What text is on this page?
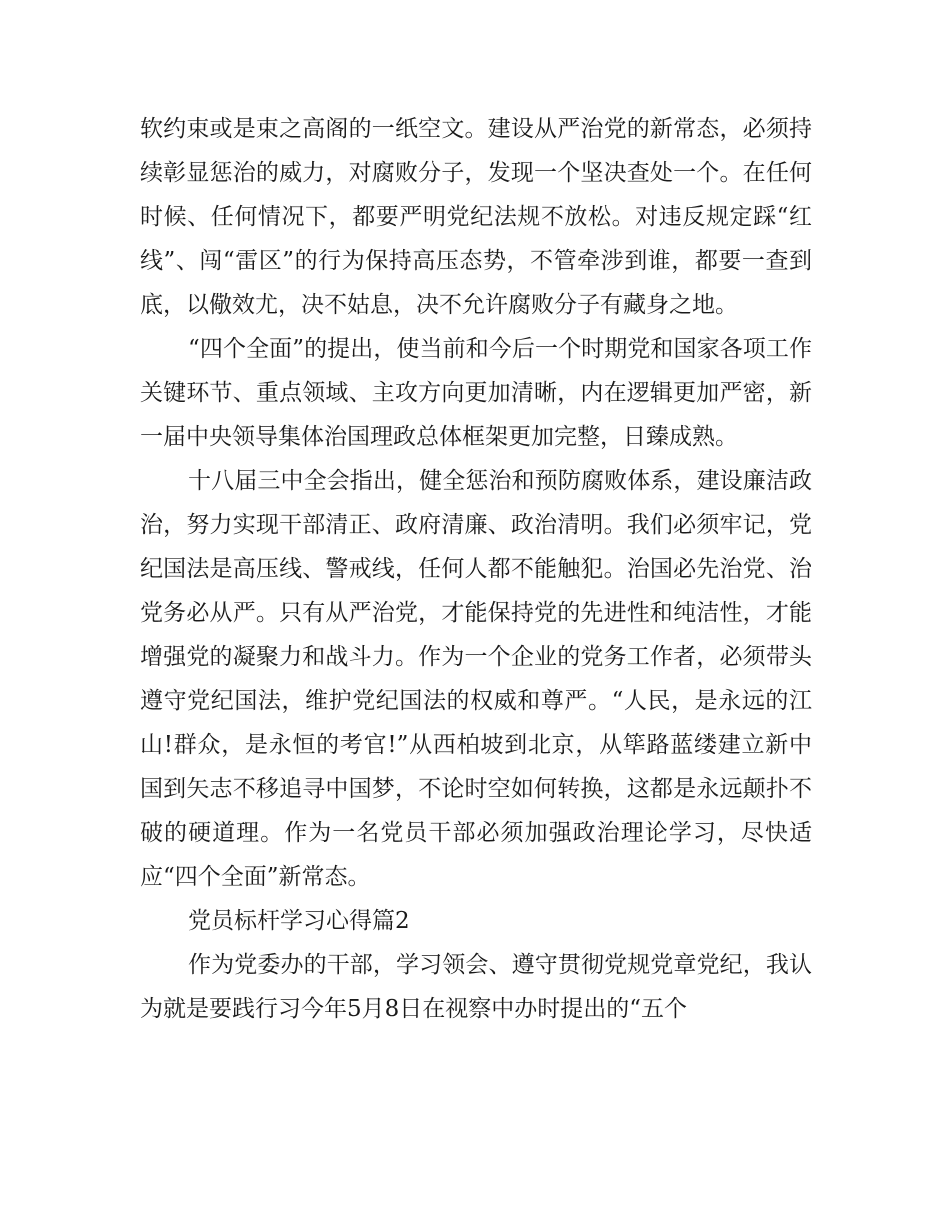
软约束或是束之高阁的一纸空文。建设从严治党的新常态，必须持续彰显惩治的威力，对腐败分子，发现一个坚决查处一个。在任何时候、任何情况下，都要严明党纪法规不放松。对违反规定踩“红线”、闯“雷区”的行为保持高压态势，不管牵涉到谁，都要一查到底，以儆效尤，决不姑息，决不允许腐败分子有藏身之地。

“四个全面”的提出，使当前和今后一个时期党和国家各项工作关键环节、重点领域、主攻方向更加清晰，内在逻辑更加严密，新一届中央领导集体治国理政总体框架更加完整，日臻成熟。

十八届三中全会指出，健全惩治和预防腐败体系，建设廉洁政治，努力实现干部清正、政府清廉、政治清明。我们必须牢记，党纪国法是高压线、警戒线，任何人都不能触犯。治国必先治党、治党务必从严。只有从严治党，才能保持党的先进性和纯洁性，才能增强党的凝聚力和战斗力。作为一个企业的党务工作者，必须带头遵守党纪国法，维护党纪国法的权威和尊严。“人民，是永远的江山!群众，是永恒的考官!”从西柏坡到北京，从筚路蓝缕建立新中国到矢志不移追寻中国梦，不论时空如何转换，这都是永远颠扑不破的硬道理。作为一名党员干部必须加强政治理论学习，尽快适应“四个全面”新常态。

党员标杆学习心得篇2

作为党委办的干部，学习领会、遵守贯彻党规党章党纪，我认为就是要践行习今年5月8日在视察中办时提出的“五个
